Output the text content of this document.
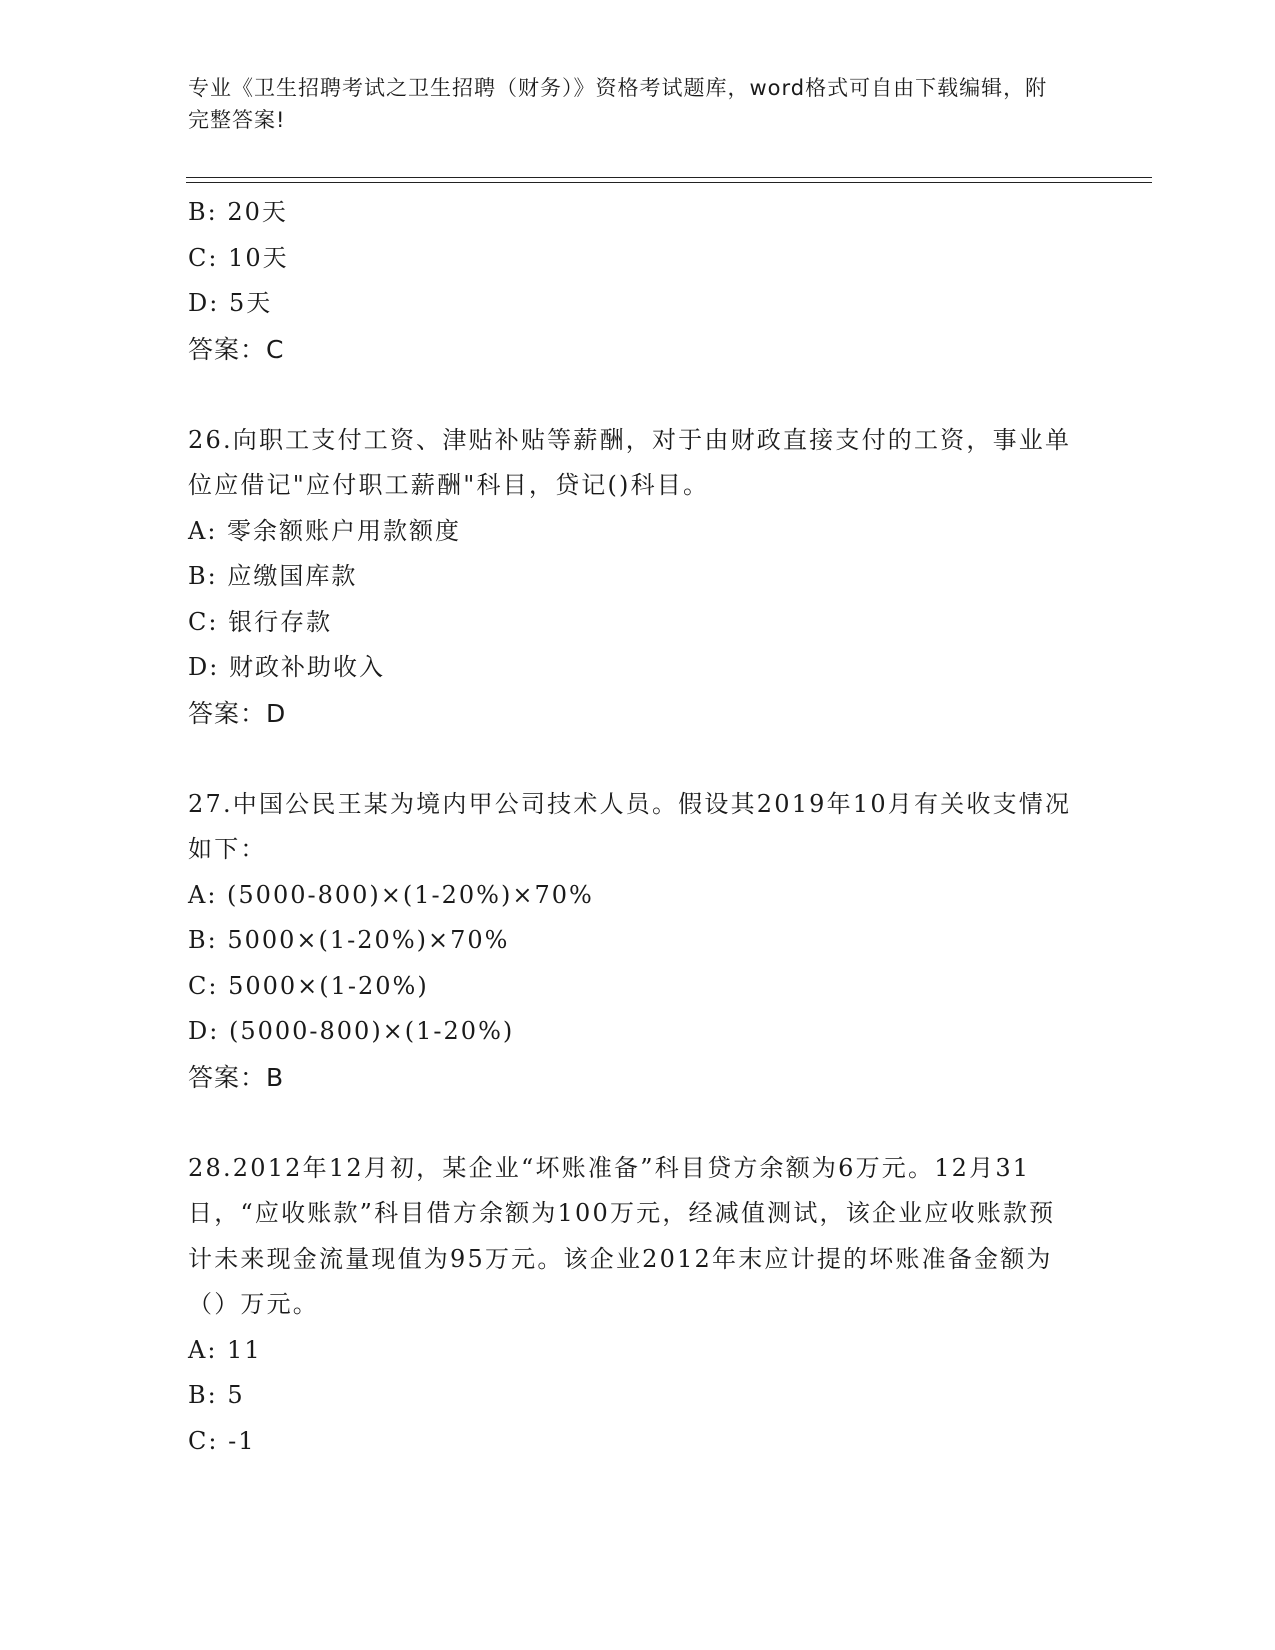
专业《卫生招聘考试之卫生招聘（财务）》资格考试题库，word格式可自由下载编辑，附完整答案!
B: 20天
C: 10天
D: 5天
答案：C
26.向职工支付工资、津贴补贴等薪酬，对于由财政直接支付的工资，事业单位应借记"应付职工薪酬"科目，贷记()科目。
A: 零余额账户用款额度
B: 应缴国库款
C: 银行存款
D: 财政补助收入
答案：D
27.中国公民王某为境内甲公司技术人员。假设其2019年10月有关收支情况如下：
A: (5000-800)×(1-20%)×70%
B: 5000×(1-20%)×70%
C: 5000×(1-20%)
D: (5000-800)×(1-20%)
答案：B
28.2012年12月初，某企业“坏账准备”科目贷方余额为6万元。12月31日，“应收账款”科目借方余额为100万元，经减值测试，该企业应收账款预计未来现金流量现值为95万元。该企业2012年末应计提的坏账准备金额为（）万元。
A: 11
B: 5
C: -1
